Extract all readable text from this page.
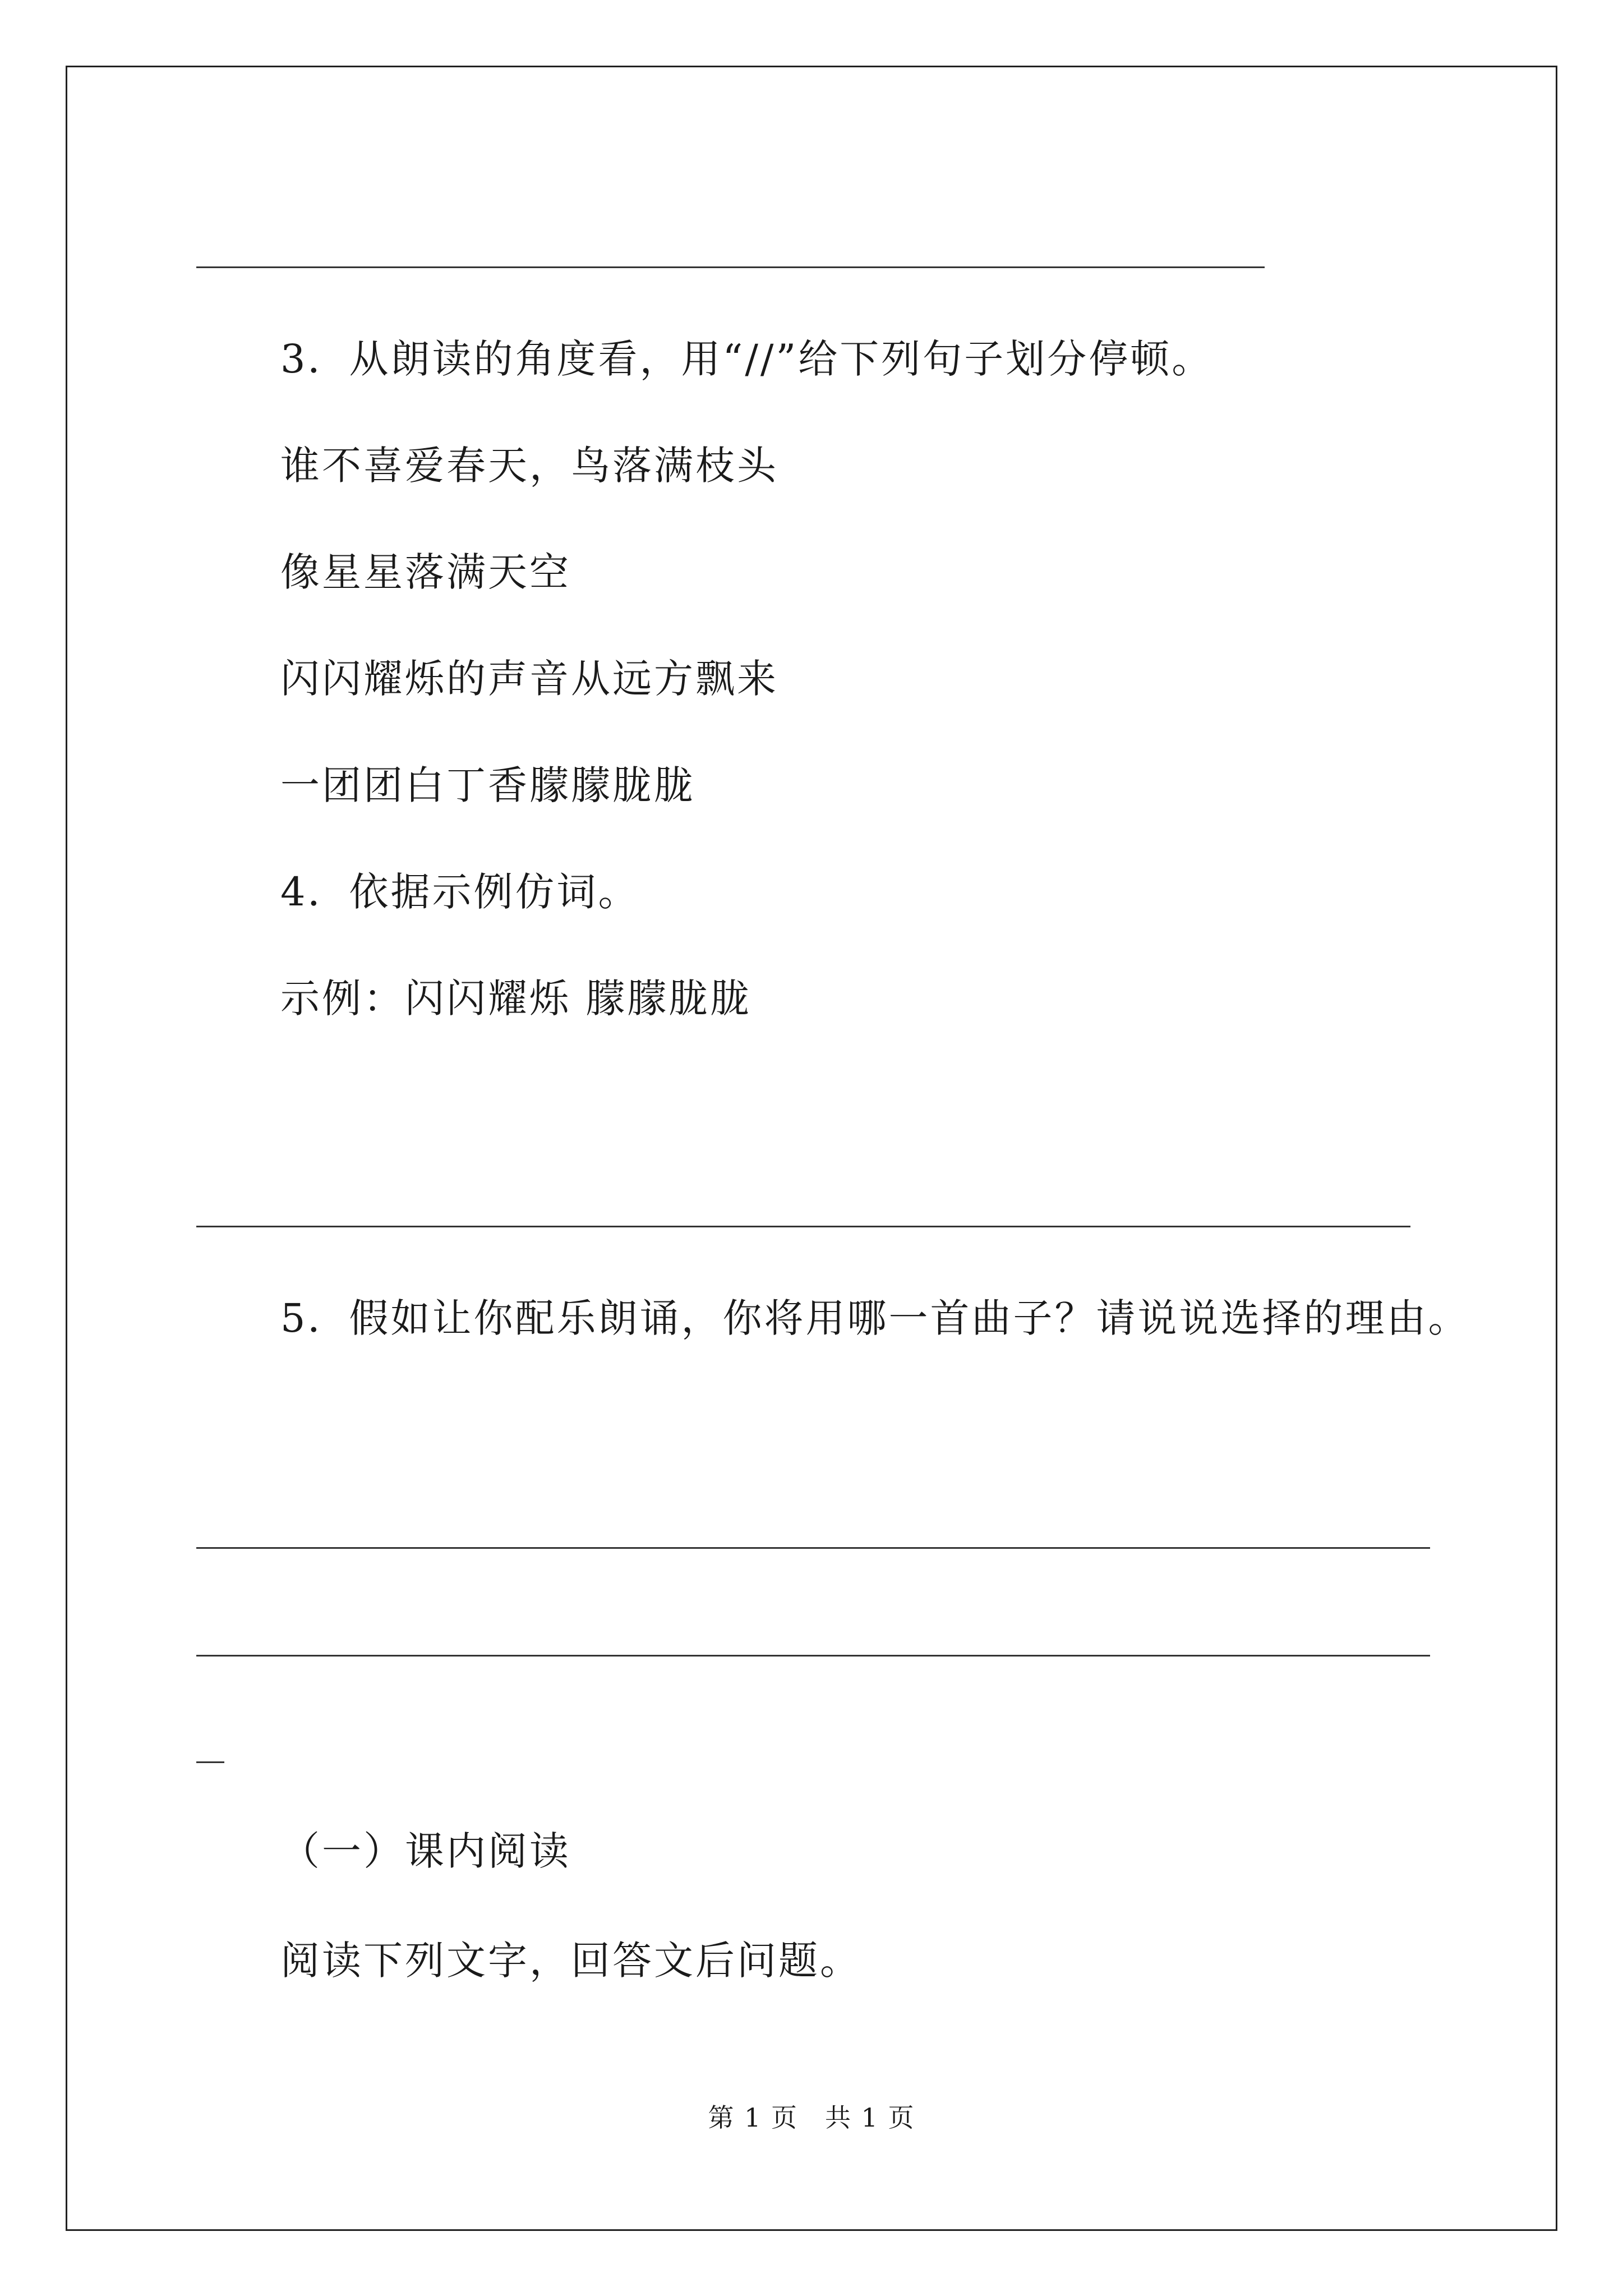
3．从朗读的角度看，用“//”给下列句子划分停顿。
谁不喜爱春天，鸟落满枝头
像星星落满天空
闪闪耀烁的声音从远方飘来
一团团白丁香朦朦胧胧
4．依据示例仿词。
示例：闪闪耀烁 朦朦胧胧
5．假如让你配乐朗诵，你将用哪一首曲子？请说说选择的理由。
（一）课内阅读
阅读下列文字，回答文后问题。
第 1 页　共 1 页
